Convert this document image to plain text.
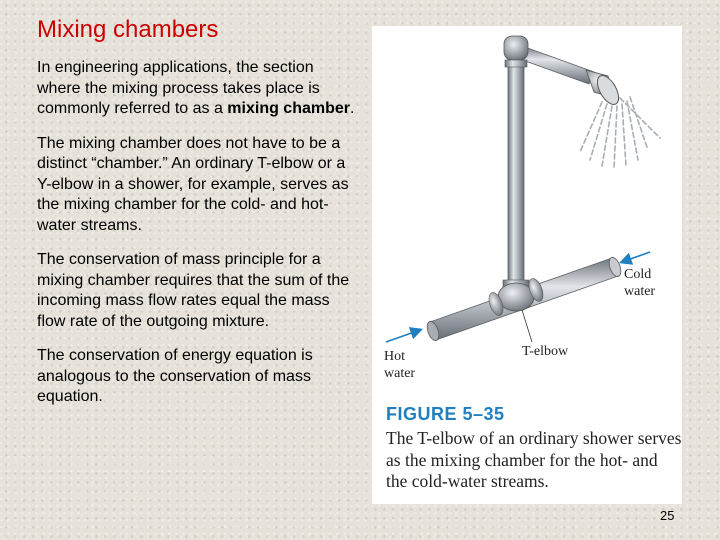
Mixing chambers

In engineering applications, the section where the mixing process takes place is commonly referred to as a mixing chamber.

The mixing chamber does not have to be a distinct “chamber.” An ordinary T-elbow or a Y-elbow in a shower, for example, serves as the mixing chamber for the cold- and hot-water streams.

The conservation of mass principle for a mixing chamber requires that the sum of the incoming mass flow rates equal the mass flow rate of the outgoing mixture.

The conservation of energy equation is analogous to the conservation of mass equation.

Cold water
Hot water
T-elbow
FIGURE 5–35
The T-elbow of an ordinary shower serves as the mixing chamber for the hot- and the cold-water streams.
25
